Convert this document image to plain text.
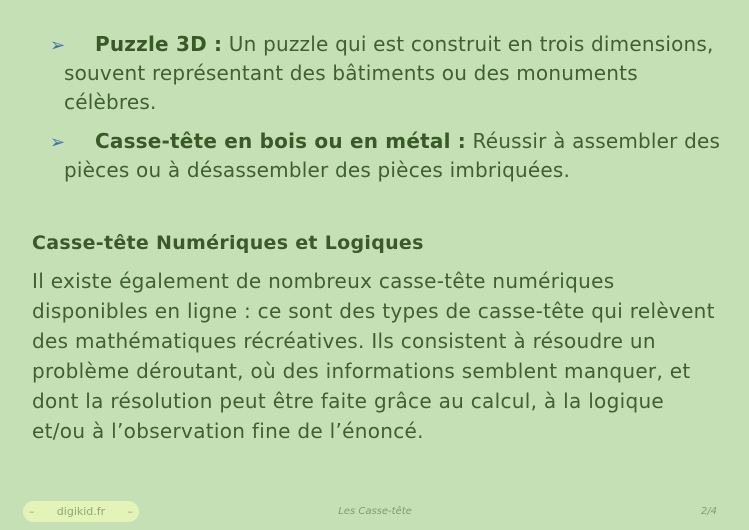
➢ Puzzle 3D : Un puzzle qui est construit en trois dimensions, souvent représentant des bâtiments ou des monuments célèbres.
➢ Casse-tête en bois ou en métal : Réussir à assembler des pièces ou à désassembler des pièces imbriquées.
Casse-tête Numériques et Logiques
Il existe également de nombreux casse-tête numériques disponibles en ligne : ce sont des types de casse-tête qui relèvent des mathématiques récréatives. Ils consistent à résoudre un problème déroutant, où des informations semblent manquer, et dont la résolution peut être faite grâce au calcul, à la logique et/ou à l’observation fine de l’énoncé.
– digikid.fr –	Les Casse-tête	2/4
